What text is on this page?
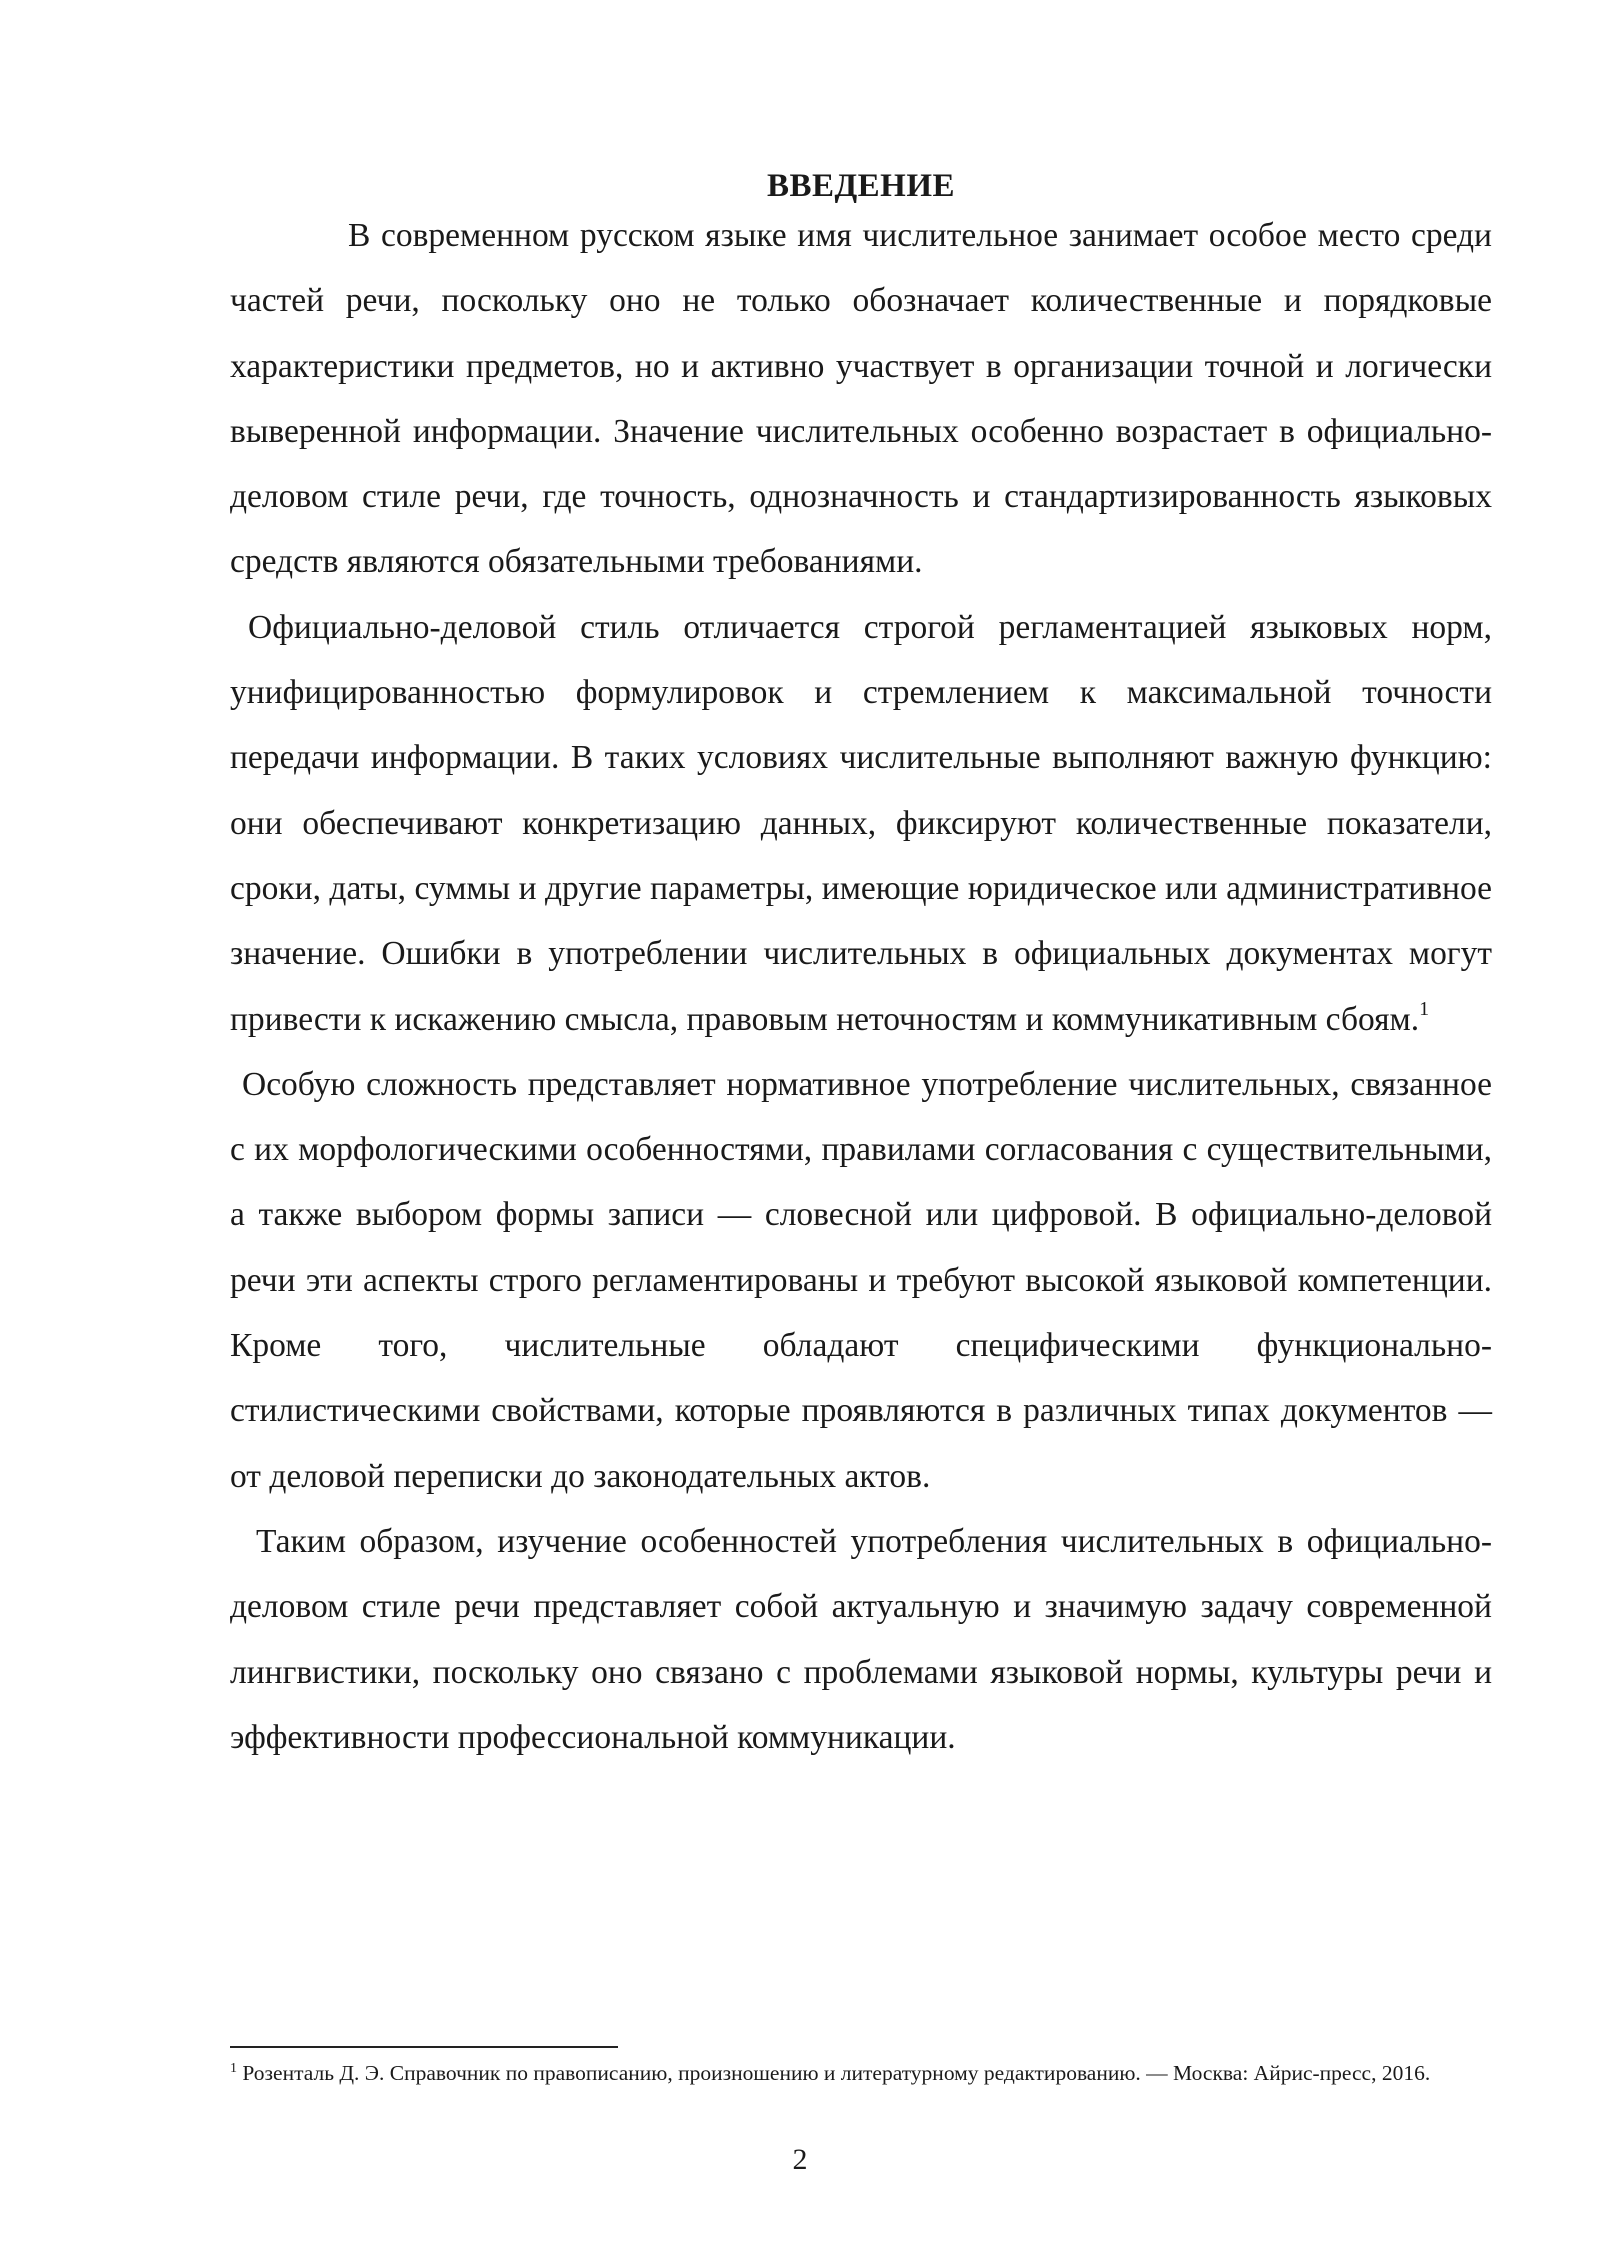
ВВЕДЕНИЕ

В современном русском языке имя числительное занимает особое место среди частей речи, поскольку оно не только обозначает количественные и порядковые характеристики предметов, но и активно участвует в организации точной и логически выверенной информации. Значение числительных особенно возрастает в официально-деловом стиле речи, где точность, однозначность и стандартизированность языковых средств являются обязательными требованиями.

Официально-деловой стиль отличается строгой регламентацией языковых норм, унифицированностью формулировок и стремлением к максимальной точности передачи информации. В таких условиях числительные выполняют важную функцию: они обеспечивают конкретизацию данных, фиксируют количественные показатели, сроки, даты, суммы и другие параметры, имеющие юридическое или административное значение. Ошибки в употреблении числительных в официальных документах могут привести к искажению смысла, правовым неточностям и коммуникативным сбоям.$^1$

Особую сложность представляет нормативное употребление числительных, связанное с их морфологическими особенностями, правилами согласования с существительными, а также выбором формы записи — словесной или цифровой. В официально-деловой речи эти аспекты строго регламентированы и требуют высокой языковой компетенции. Кроме того, числительные обладают специфическими функционально-стилистическими свойствами, которые проявляются в различных типах документов — от деловой переписки до законодательных актов.

Таким образом, изучение особенностей употребления числительных в официально-деловом стиле речи представляет собой актуальную и значимую задачу современной лингвистики, поскольку оно связано с проблемами языковой нормы, культуры речи и эффективности профессиональной коммуникации.

$^1$ Розенталь Д. Э. Справочник по правописанию, произношению и литературному редактированию. — Москва: Айрис-пресс, 2016.
2
